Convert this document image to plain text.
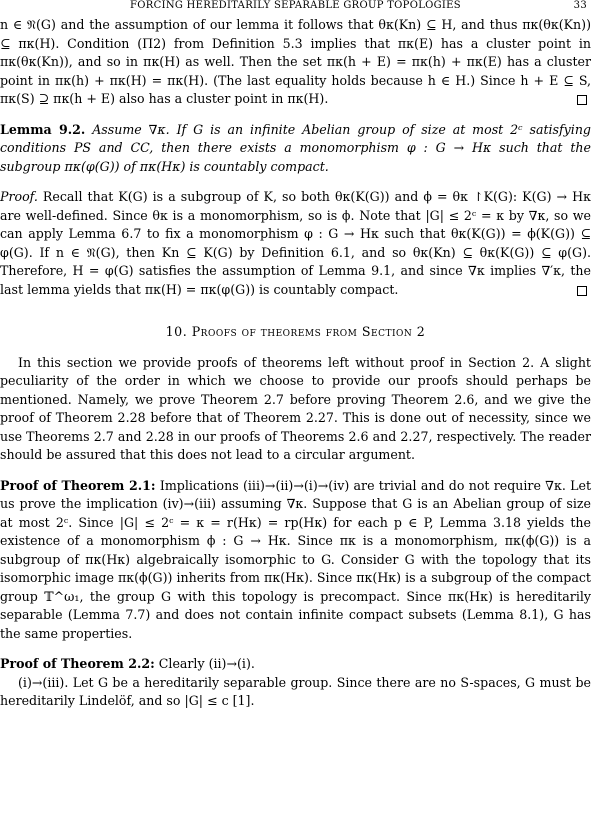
FORCING HEREDITARILY SEPARABLE GROUP TOPOLOGIES	33

n ∈ 𝔑(G) and the assumption of our lemma it follows that θκ(Kn) ⊆ H, and thus πκ(θκ(Kn)) ⊆ πκ(H). Condition (Π2) from Definition 5.3 implies that πκ(E) has a cluster point in πκ(θκ(Kn)), and so in πκ(H) as well. Then the set πκ(h + E) = πκ(h) + πκ(E) has a cluster point in πκ(h) + πκ(H) = πκ(H). (The last equality holds because h ∈ H.) Since h + E ⊆ S, πκ(S) ⊇ πκ(h + E) also has a cluster point in πκ(H).

Lemma 9.2. Assume ∇κ. If G is an infinite Abelian group of size at most 2ᶜ satisfying conditions PS and CC, then there exists a monomorphism φ : G → Hκ such that the subgroup πκ(φ(G)) of πκ(Hκ) is countably compact.

Proof. Recall that K(G) is a subgroup of K, so both θκ(K(G)) and ϕ = θκ ↾K(G): K(G) → Hκ are well-defined. Since θκ is a monomorphism, so is ϕ. Note that |G| ≤ 2ᶜ = κ by ∇κ, so we can apply Lemma 6.7 to fix a monomorphism φ : G → Hκ such that θκ(K(G)) = ϕ(K(G)) ⊆ φ(G). If n ∈ 𝔑(G), then Kn ⊆ K(G) by Definition 6.1, and so θκ(Kn) ⊆ θκ(K(G)) ⊆ φ(G). Therefore, H = φ(G) satisfies the assumption of Lemma 9.1, and since ∇κ implies ∇′κ, the last lemma yields that πκ(H) = πκ(φ(G)) is countably compact.

10. Proofs of theorems from Section 2

In this section we provide proofs of theorems left without proof in Section 2. A slight peculiarity of the order in which we choose to provide our proofs should perhaps be mentioned. Namely, we prove Theorem 2.7 before proving Theorem 2.6, and we give the proof of Theorem 2.28 before that of Theorem 2.27. This is done out of necessity, since we use Theorems 2.7 and 2.28 in our proofs of Theorems 2.6 and 2.27, respectively. The reader should be assured that this does not lead to a circular argument.

Proof of Theorem 2.1: Implications (iii)→(ii)→(i)→(iv) are trivial and do not require ∇κ. Let us prove the implication (iv)→(iii) assuming ∇κ. Suppose that G is an Abelian group of size at most 2ᶜ. Since |G| ≤ 2ᶜ = κ = r(Hκ) = rp(Hκ) for each p ∈ P, Lemma 3.18 yields the existence of a monomorphism ϕ : G → Hκ. Since πκ is a monomorphism, πκ(ϕ(G)) is a subgroup of πκ(Hκ) algebraically isomorphic to G. Consider G with the topology that its isomorphic image πκ(ϕ(G)) inherits from πκ(Hκ). Since πκ(Hκ) is a subgroup of the compact group 𝕋^ω₁, the group G with this topology is precompact. Since πκ(Hκ) is hereditarily separable (Lemma 7.7) and does not contain infinite compact subsets (Lemma 8.1), G has the same properties.

Proof of Theorem 2.2: Clearly (ii)→(i).

(i)→(iii). Let G be a hereditarily separable group. Since there are no S-spaces, G must be hereditarily Lindelöf, and so |G| ≤ c [1].
